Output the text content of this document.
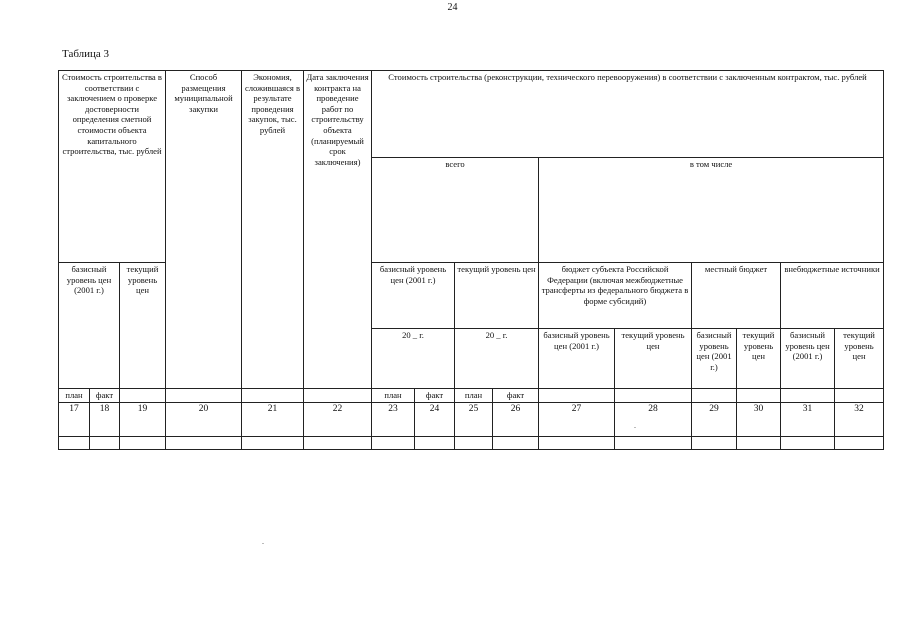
24
Таблица 3
Стоимость строительства в соответствии с заключением о проверке достоверности определения сметной стоимости объекта капитального строительства, тыс. рублей			Способ размещения муниципальной закупки	Экономия, сложившаяся в результате проведения закупок, тыс. рублей	Дата заключения контракта на проведение работ по строительству объекта (планируемый срок заключения)	Стоимость строительства (реконструкции, технического перевооружения) в соответствии с заключенным контрактом, тыс. рублей									
						всего				в том числе					
базисный уровень цен (2001 г.)		текущий уровень цен				базисный уровень цен (2001 г.)		текущий уровень цен		бюджет субъекта Российской Федерации (включая межбюджетные трансферты из федерального бюджета в форме субсидий)		местный бюджет		внебюджетные источники	
						20 _ г.		20 _ г.		базисный уровень цен (2001 г.)	текущий уровень цен	базисный уровень цен (2001 г.)	текущий уровень цен	базисный уровень цен (2001 г.)	текущий уровень цен
план	факт					план	факт	план	факт						
17	18	19	20	21	22	23	24	25	26	27	28	29	30	31	32
